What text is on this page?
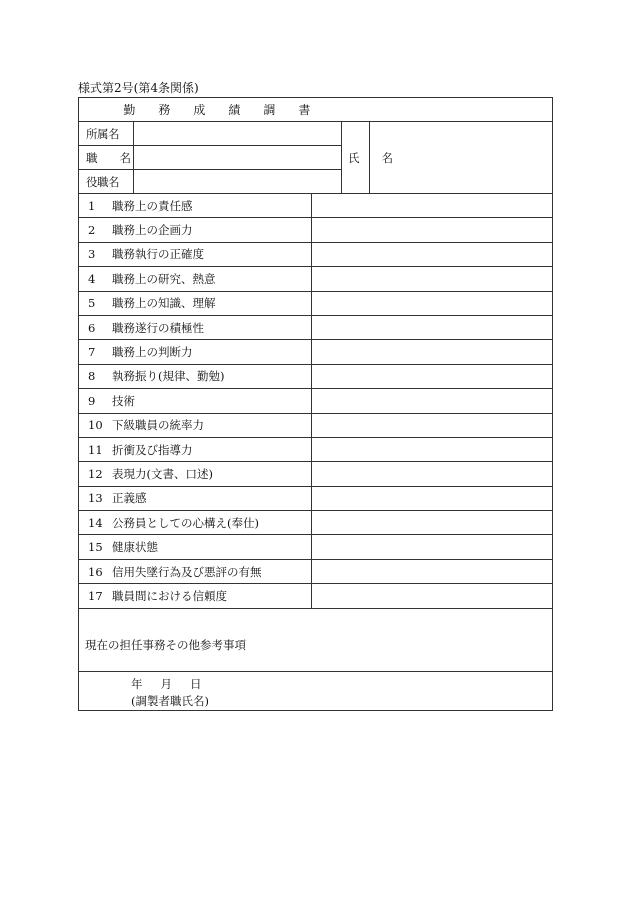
様式第2号(第4条関係)
勤 務 成 績 調 書				

所属名			氏 名	
職 名				
役職名				
1 職務上の責任感				
2 職務上の企画力				
3 職務執行の正確度				
4 職務上の研究、熱意				
5 職務上の知識、理解				
6 職務遂行の積極性				
7 職務上の判断力				
8 執務振り(規律、勤勉)				
9 技術				
10 下級職員の統率力				
11 折衝及び指導力				
12 表現力(文書、口述)				
13 正義感				
14 公務員としての心構え(奉仕)				
15 健康状態				
16 信用失墜行為及び悪評の有無				
17 職員間における信頼度				

現在の担任事務その他参考事項				

年 月 日
(調製者職氏名)				
